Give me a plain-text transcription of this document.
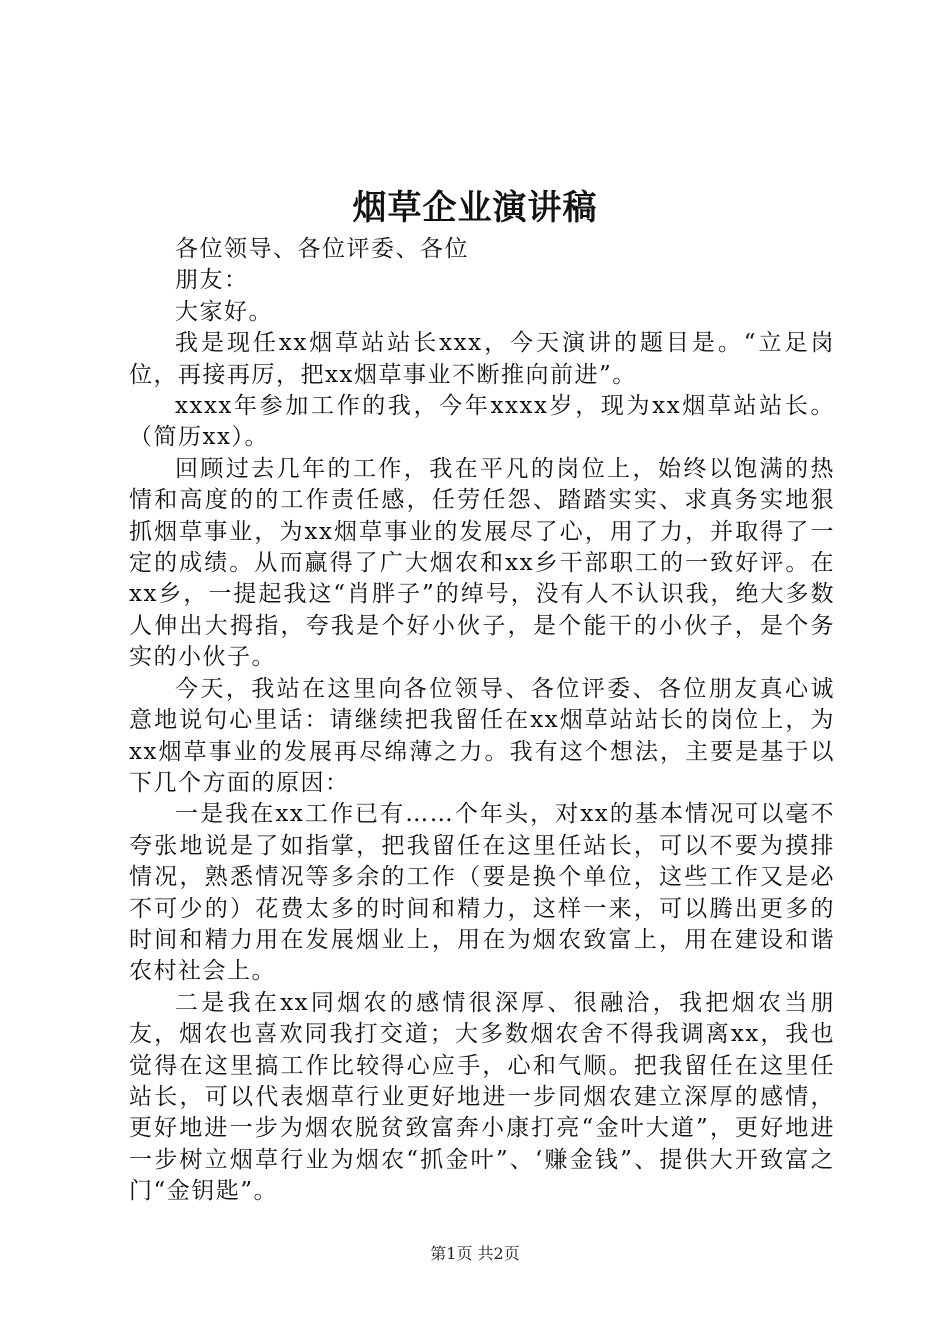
烟草企业演讲稿

各位领导、各位评委、各位

朋友：

大家好。

我是现任xx烟草站站长xxx，今天演讲的题目是。“立足岗位，再接再厉，把xx烟草事业不断推向前进”。

xxxx年参加工作的我，今年xxxx岁，现为xx烟草站站长。（简历xx）。

回顾过去几年的工作，我在平凡的岗位上，始终以饱满的热情和高度的的工作责任感，任劳任怨、踏踏实实、求真务实地狠抓烟草事业，为xx烟草事业的发展尽了心，用了力，并取得了一定的成绩。从而赢得了广大烟农和xx乡干部职工的一致好评。在xx乡，一提起我这“肖胖子”的绰号，没有人不认识我，绝大多数人伸出大拇指，夸我是个好小伙子，是个能干的小伙子，是个务实的小伙子。

今天，我站在这里向各位领导、各位评委、各位朋友真心诚意地说句心里话：请继续把我留任在xx烟草站站长的岗位上，为xx烟草事业的发展再尽绵薄之力。我有这个想法，主要是基于以下几个方面的原因：

一是我在xx工作已有……个年头，对xx的基本情况可以毫不夸张地说是了如指掌，把我留任在这里任站长，可以不要为摸排情况，熟悉情况等多余的工作（要是换个单位，这些工作又是必不可少的）花费太多的时间和精力，这样一来，可以腾出更多的时间和精力用在发展烟业上，用在为烟农致富上，用在建设和谐农村社会上。

二是我在xx同烟农的感情很深厚、很融洽，我把烟农当朋友，烟农也喜欢同我打交道；大多数烟农舍不得我调离xx，我也觉得在这里搞工作比较得心应手，心和气顺。把我留任在这里任站长，可以代表烟草行业更好地进一步同烟农建立深厚的感情，更好地进一步为烟农脱贫致富奔小康打亮“金叶大道”，更好地进一步树立烟草行业为烟农“抓金叶”、‘赚金钱”、提供大开致富之门“金钥匙”。

第1页 共2页
